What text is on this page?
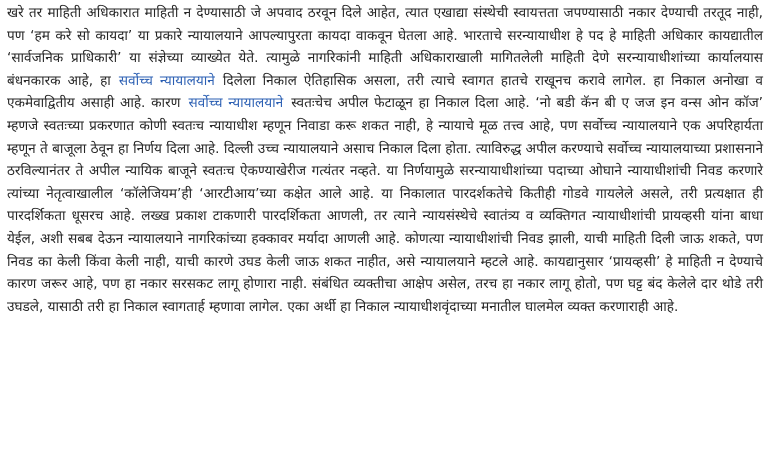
खरे तर माहिती अधिकारात माहिती न देण्यासाठी जे अपवाद ठरवून दिले आहेत, त्यात एखाद्या संस्थेची स्वायत्तता जपण्यासाठी नकार देण्याची तरतूद नाही, पण ‘हम करे सो कायदा’ या प्रकारे न्यायालयाने आपल्यापुरता कायदा वाकवून घेतला आहे. भारताचे सरन्यायाधीश हे पद हे माहिती अधिकार कायद्यातील ‘सार्वजनिक प्राधिकारी’ या संज्ञेच्या व्याख्येत येते. त्यामुळे नागरिकांनी माहिती अधिकाराखाली मागितलेली माहिती देणे सरन्यायाधीशांच्या कार्यालयास बंधनकारक आहे, हा सर्वोच्च न्यायालयाने दिलेला निकाल ऐतिहासिक असला, तरी त्याचे स्वागत हातचे राखूनच करावे लागेल. हा निकाल अनोखा व एकमेवाद्वितीय असाही आहे. कारण सर्वोच्च न्यायालयाने स्वतःचेच अपील फेटाळून हा निकाल दिला आहे. ‘नो बडी कॅन बी ए जज इन वन्स ओन कॉज’ म्हणजे स्वतःच्या प्रकरणात कोणी स्वतःच न्यायाधीश म्हणून निवाडा करू शकत नाही, हे न्यायाचे मूळ तत्त्व आहे, पण सर्वोच्च न्यायालयाने एक अपरिहार्यता म्हणून ते बाजूला ठेवून हा निर्णय दिला आहे. दिल्ली उच्च न्यायालयाने असाच निकाल दिला होता. त्याविरुद्ध अपील करण्याचे सर्वोच्च न्यायालयाच्या प्रशासनाने ठरविल्यानंतर ते अपील न्यायिक बाजूने स्वतःच ऐकण्याखेरीज गत्यंतर नव्हते. या निर्णयामुळे सरन्यायाधीशांच्या पदाच्या ओघाने न्यायाधीशांची निवड करणारे त्यांच्या नेतृत्वाखालील ‘कॉलेजियम’ही ‘आरटीआय’च्या कक्षेत आले आहे. या निकालात पारदर्शकतेचे कितीही गोडवे गायलेले असले, तरी प्रत्यक्षात ही पारदर्शिकता धूसरच आहे. लख्ख प्रकाश टाकणारी पारदर्शिकता आणली, तर त्याने न्यायसंस्थेचे स्वातंत्र्य व व्यक्तिगत न्यायाधीशांची प्रायव्हसी यांना बाधा येईल, अशी सबब देऊन न्यायालयाने नागरिकांच्या हक्कावर मर्यादा आणली आहे. कोणत्या न्यायाधीशांची निवड झाली, याची माहिती दिली जाऊ शकते, पण निवड का केली किंवा केली नाही, याची कारणे उघड केली जाऊ शकत नाहीत, असे न्यायालयाने म्हटले आहे. कायद्यानुसार ‘प्रायव्हसी’ हे माहिती न देण्याचे कारण जरूर आहे, पण हा नकार सरसकट लागू होणारा नाही. संबंधित व्यक्तीचा आक्षेप असेल, तरच हा नकार लागू होतो, पण घट्ट बंद केलेले दार थोडे तरी उघडले, यासाठी तरी हा निकाल स्वागतार्ह म्हणावा लागेल. एका अर्थी हा निकाल न्यायाधीशवृंदाच्या मनातील घालमेल व्यक्त करणाराही आहे.
